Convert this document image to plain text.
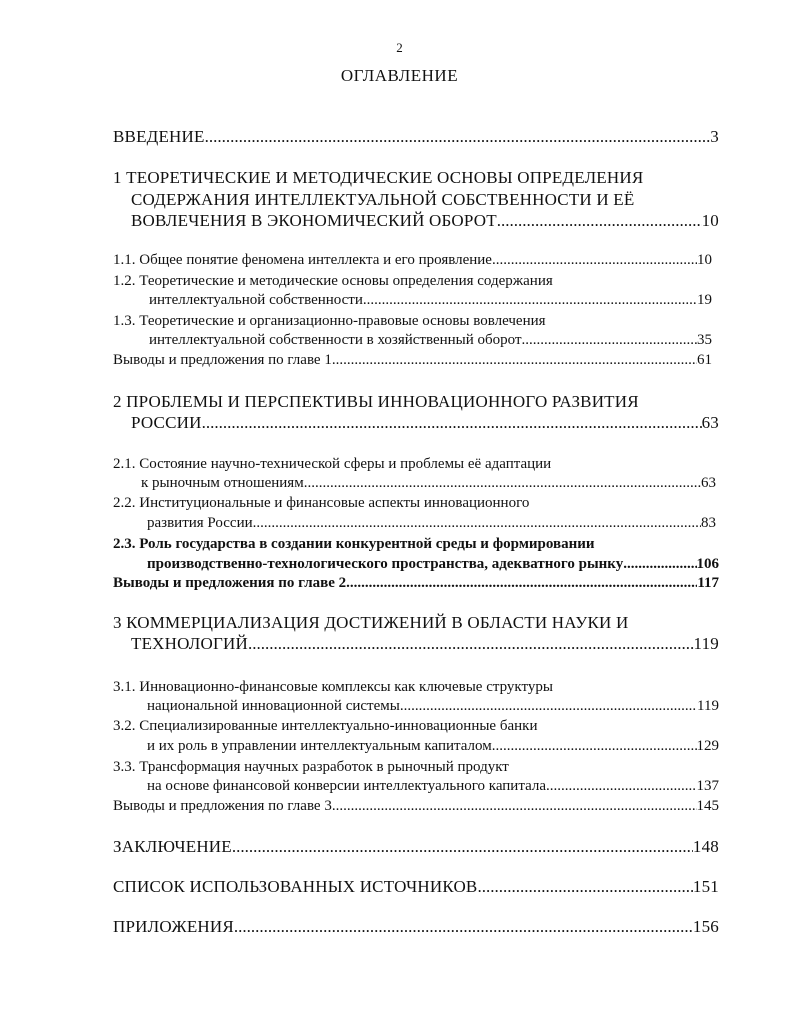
2
ОГЛАВЛЕНИЕ
ВВЕДЕНИЕ .....	3
1 ТЕОРЕТИЧЕСКИЕ И МЕТОДИЧЕСКИЕ ОСНОВЫ ОПРЕДЕЛЕНИЯ
СОДЕРЖАНИЯ ИНТЕЛЛЕКТУАЛЬНОЙ СОБСТВЕННОСТИ И ЕЁ
ВОВЛЕЧЕНИЯ В ЭКОНОМИЧЕСКИЙ ОБОРОТ .....	10
1.1. Общее понятие феномена интеллекта и его проявление .....	10
1.2. Теоретические и методические основы определения содержания
интеллектуальной собственности .....	19
1.3. Теоретические и организационно-правовые основы вовлечения
интеллектуальной собственности в хозяйственный оборот .....	35
Выводы и предложения по главе 1 .....	61
2 ПРОБЛЕМЫ И ПЕРСПЕКТИВЫ ИННОВАЦИОННОГО РАЗВИТИЯ
РОССИИ .....	63
2.1. Состояние научно-технической сферы и проблемы её адаптации
к рыночным отношениям .....	63
2.2. Институциональные и финансовые аспекты инновационного
развития России .....	83
2.3. Роль государства в создании конкурентной среды и формировании
производственно-технологического пространства, адекватного рынку .....	106
Выводы и предложения по главе 2 .....	117
3 КОММЕРЦИАЛИЗАЦИЯ ДОСТИЖЕНИЙ В ОБЛАСТИ НАУКИ И
ТЕХНОЛОГИЙ .....	119
3.1. Инновационно-финансовые комплексы как ключевые структуры
национальной инновационной системы .....	119
3.2. Специализированные интеллектуально-инновационные банки
и их роль в управлении интеллектуальным капиталом .....	129
3.3. Трансформация научных разработок в рыночный продукт
на основе финансовой конверсии интеллектуального капитала .....	137
Выводы и предложения по главе 3 .....	145
ЗАКЛЮЧЕНИЕ .....	148
СПИСОК ИСПОЛЬЗОВАННЫХ ИСТОЧНИКОВ .....	151
ПРИЛОЖЕНИЯ .....	156
